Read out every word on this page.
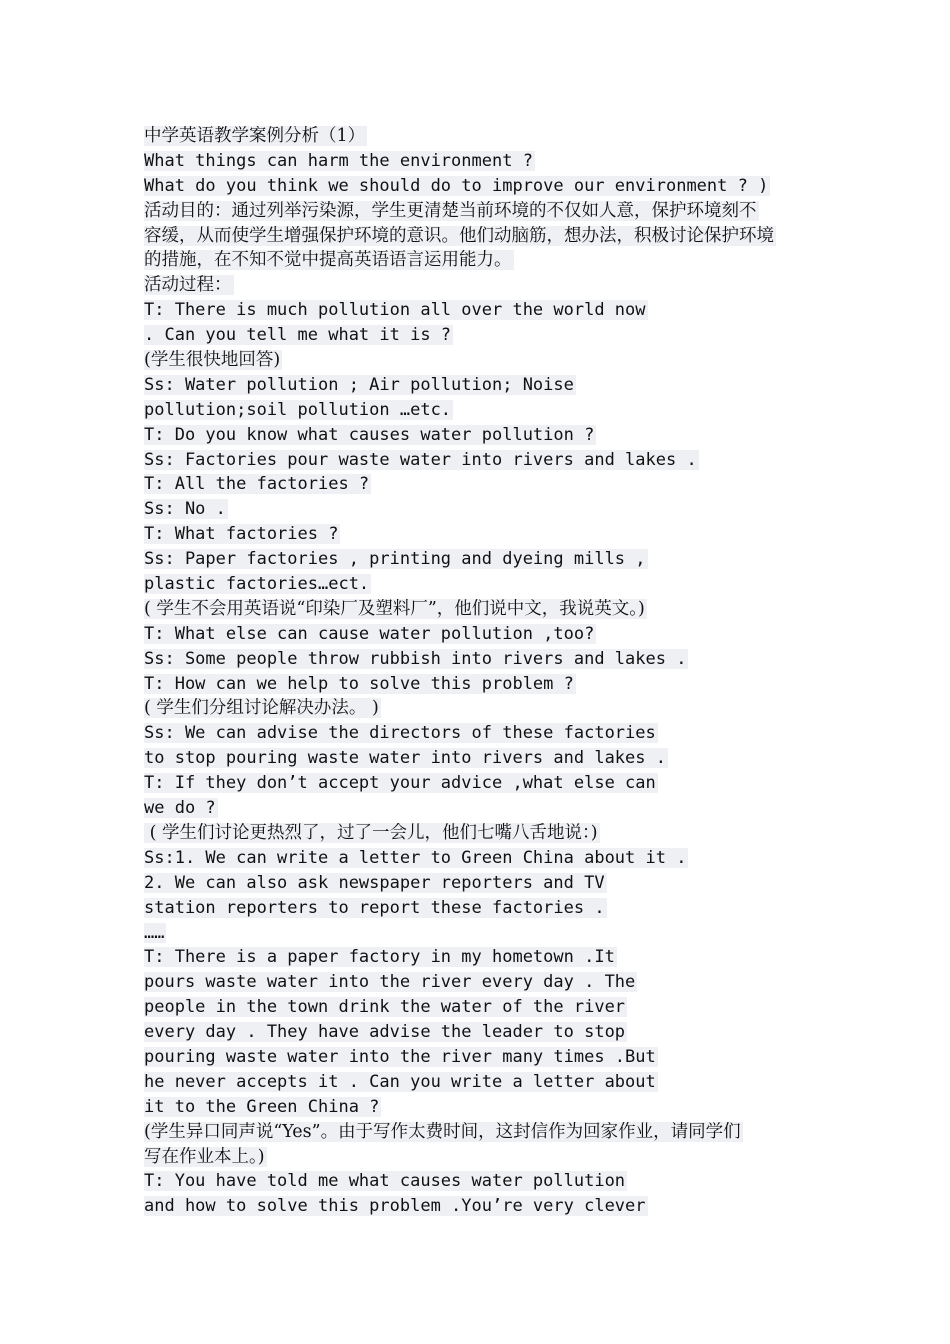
中学英语教学案例分析（1）
What things can harm the environment ?
What do you think we should do to improve our environment ? )
活动目的：通过列举污染源，学生更清楚当前环境的不仅如人意，保护环境刻不
容缓，从而使学生增强保护环境的意识。他们动脑筋，想办法，积极讨论保护环境
的措施，在不知不觉中提高英语语言运用能力。
活动过程：
T: There is much pollution all over the world now
. Can you tell me what it is ?
(学生很快地回答)
Ss: Water pollution ; Air pollution; Noise
pollution;soil pollution …etc.
T: Do you know what causes water pollution ?
Ss: Factories pour waste water into rivers and lakes .
T: All the factories ?
Ss: No .
T: What factories ?
Ss: Paper factories , printing and dyeing mills ,
plastic factories…ect.
( 学生不会用英语说“印染厂及塑料厂”，他们说中文，我说英文。)
T: What else can cause water pollution ,too?
Ss: Some people throw rubbish into rivers and lakes .
T: How can we help to solve this problem ?
( 学生们分组讨论解决办法。 )
Ss: We can advise the directors of these factories
to stop pouring waste water into rivers and lakes .
T: If they don’t accept your advice ,what else can
we do ?
( 学生们讨论更热烈了，过了一会儿，他们七嘴八舌地说：)
Ss:1. We can write a letter to Green China about it .
2. We can also ask newspaper reporters and TV
station reporters to report these factories .
……
T: There is a paper factory in my hometown .It
pours waste water into the river every day . The
people in the town drink the water of the river
every day . They have advise the leader to stop
pouring waste water into the river many times .But
he never accepts it . Can you write a letter about
it to the Green China ?
(学生异口同声说“Yes”。由于写作太费时间，这封信作为回家作业，请同学们
写在作业本上。)
T: You have told me what causes water pollution
and how to solve this problem .You’re very clever
